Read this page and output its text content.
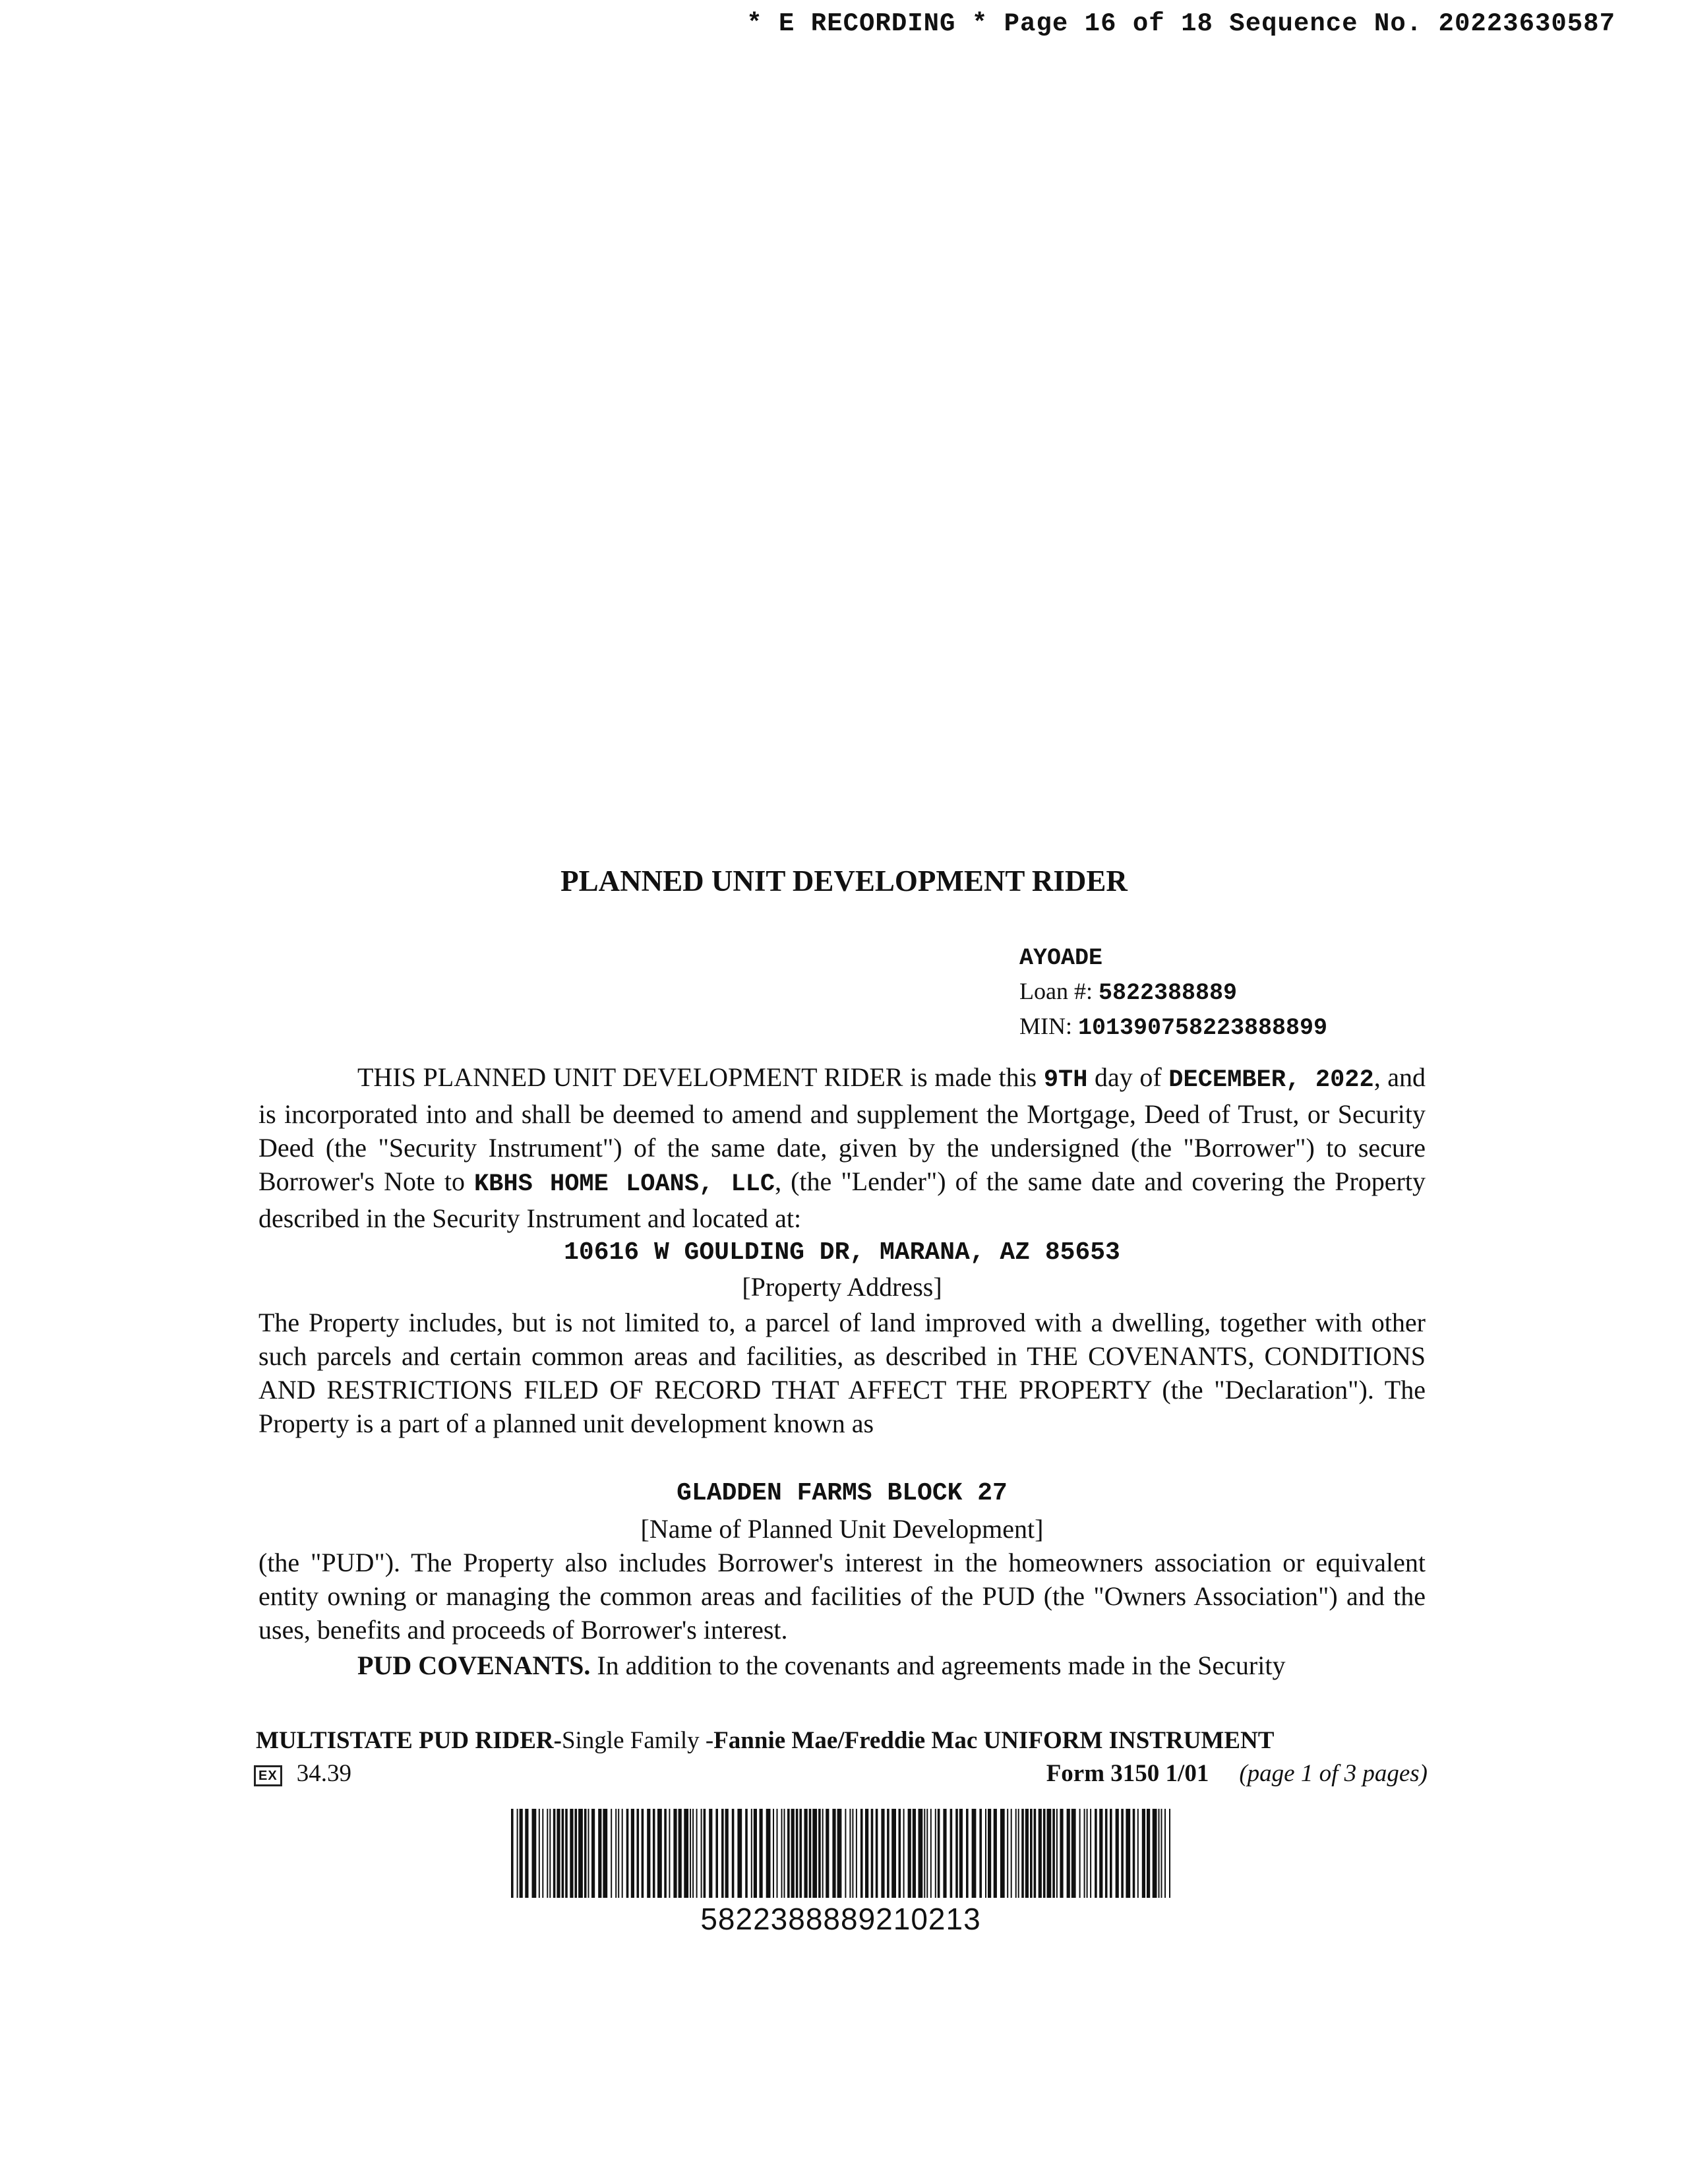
* E RECORDING * Page 16 of 18 Sequence No. 20223630587
PLANNED UNIT DEVELOPMENT RIDER
AYOADE
Loan #: 5822388889
MIN: 101390758223888899
THIS PLANNED UNIT DEVELOPMENT RIDER is made this 9TH day of DECEMBER, 2022, and is incorporated into and shall be deemed to amend and supplement the Mortgage, Deed of Trust, or Security Deed (the "Security Instrument") of the same date, given by the undersigned (the "Borrower") to secure Borrower's Note to KBHS HOME LOANS, LLC, (the "Lender") of the same date and covering the Property described in the Security Instrument and located at:
10616 W GOULDING DR, MARANA, AZ 85653
[Property Address]
The Property includes, but is not limited to, a parcel of land improved with a dwelling, together with other such parcels and certain common areas and facilities, as described in THE COVENANTS, CONDITIONS AND RESTRICTIONS FILED OF RECORD THAT AFFECT THE PROPERTY (the "Declaration"). The Property is a part of a planned unit development known as
GLADDEN FARMS BLOCK 27
[Name of Planned Unit Development]
(the "PUD"). The Property also includes Borrower's interest in the homeowners association or equivalent entity owning or managing the common areas and facilities of the PUD (the "Owners Association") and the uses, benefits and proceeds of Borrower's interest.
PUD COVENANTS. In addition to the covenants and agreements made in the Security
MULTISTATE PUD RIDER-Single Family -Fannie Mae/Freddie Mac UNIFORM INSTRUMENT
EX 34.39	Form 3150 1/01 (page 1 of 3 pages)
5822388889210213
